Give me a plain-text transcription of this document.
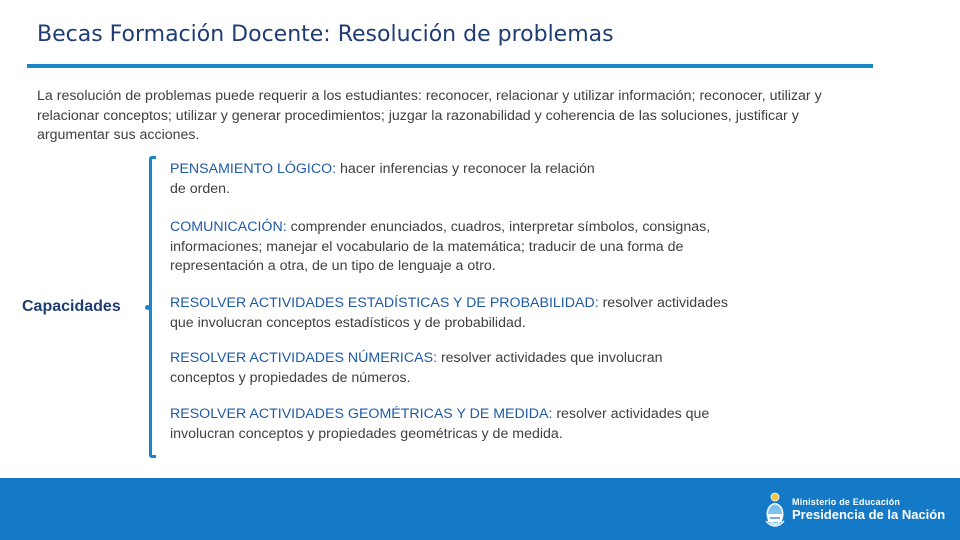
Becas Formación Docente: Resolución de problemas
La resolución de problemas puede requerir a los estudiantes: reconocer, relacionar y utilizar información; reconocer, utilizar y relacionar conceptos; utilizar y generar procedimientos; juzgar la razonabilidad y coherencia de las soluciones, justificar y argumentar sus acciones.
Capacidades
PENSAMIENTO LÓGICO: hacer inferencias y reconocer la relación de orden.
COMUNICACIÓN: comprender enunciados, cuadros, interpretar símbolos, consignas, informaciones; manejar el vocabulario de la matemática; traducir de una forma de representación a otra, de un tipo de lenguaje a otro.
RESOLVER ACTIVIDADES ESTADÍSTICAS Y DE PROBABILIDAD: resolver actividades que involucran conceptos estadísticos y de probabilidad.
RESOLVER ACTIVIDADES NÚMERICAS: resolver actividades que involucran conceptos y propiedades de números.
RESOLVER ACTIVIDADES GEOMÉTRICAS Y DE MEDIDA: resolver actividades que involucran conceptos y propiedades geométricas y de medida.
Ministerio de Educación
Presidencia de la Nación
